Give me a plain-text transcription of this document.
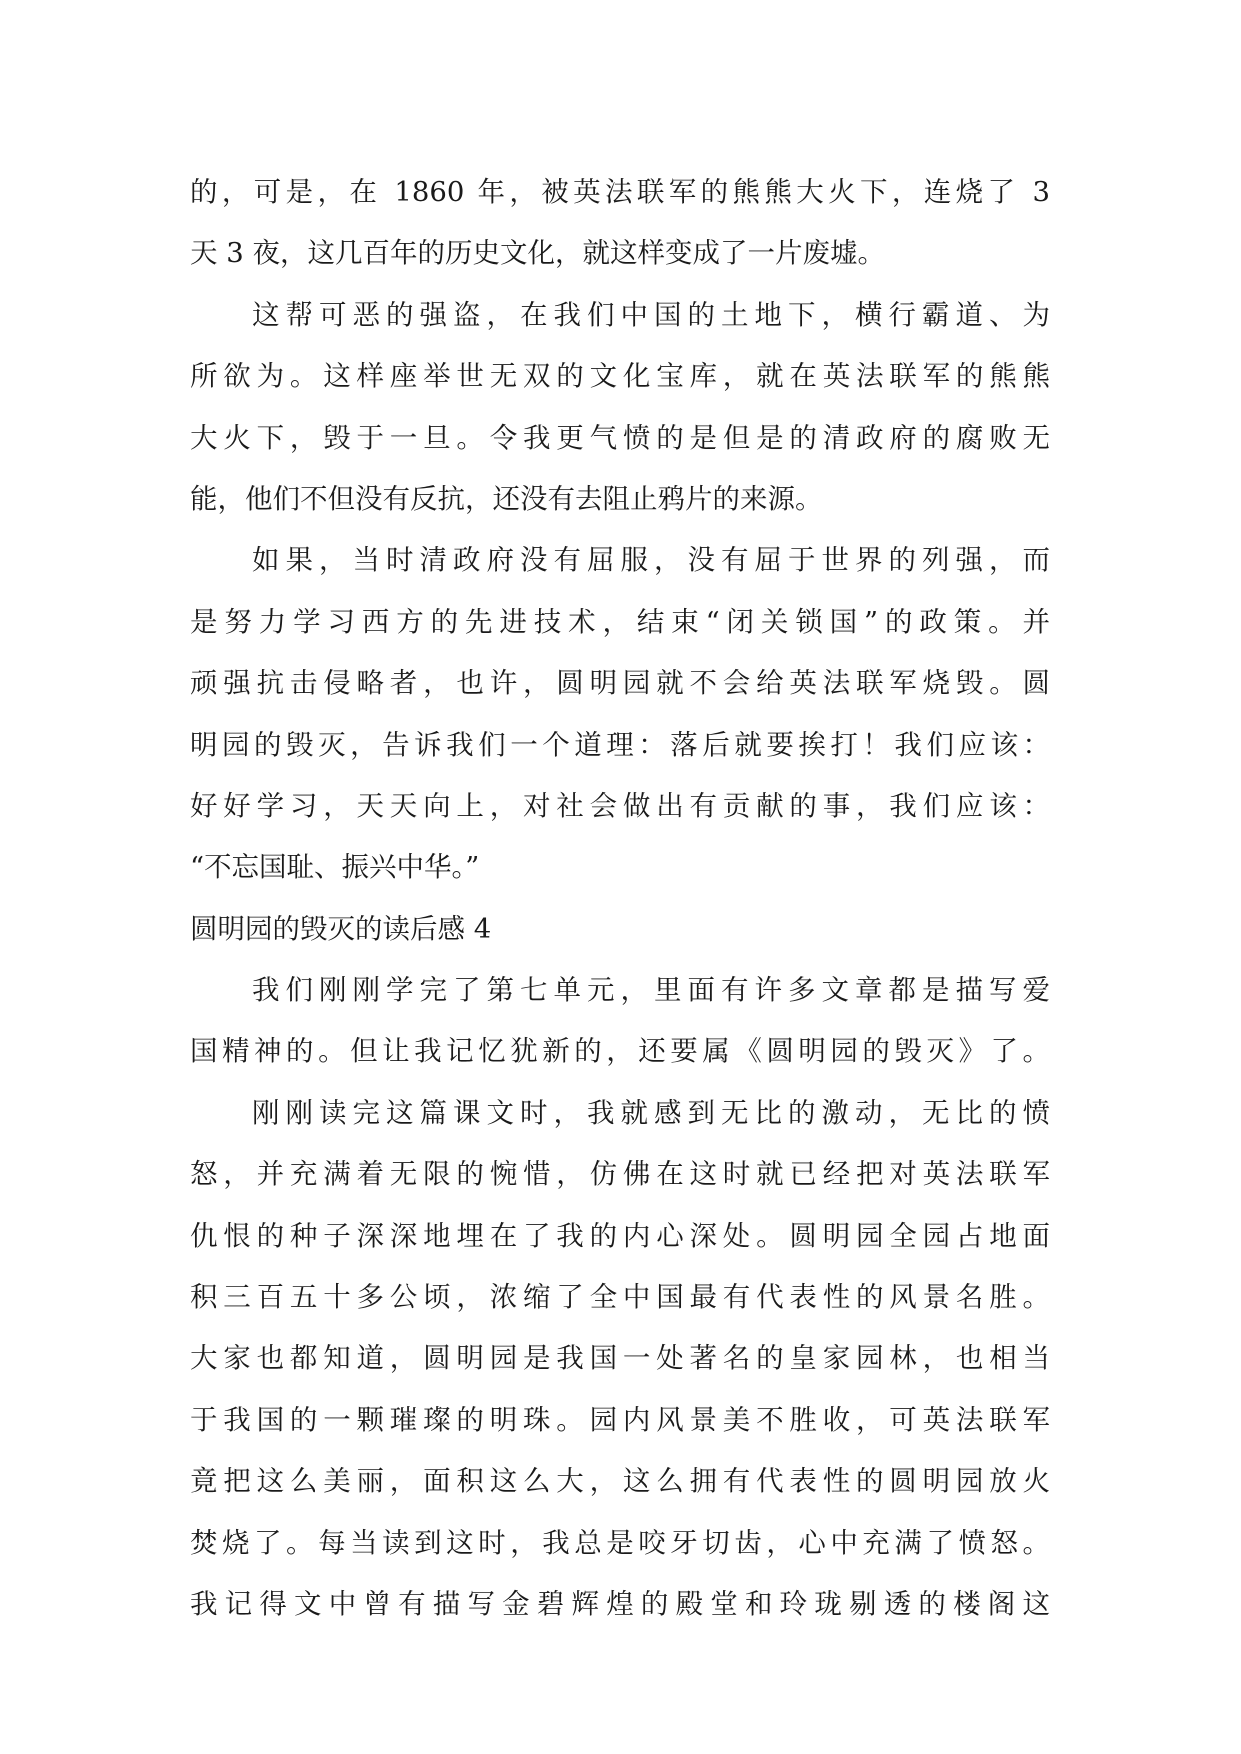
的，可是，在 1860 年，被英法联军的熊熊大火下，连烧了 3
天 3 夜，这几百年的历史文化，就这样变成了一片废墟。
这帮可恶的强盗，在我们中国的土地下，横行霸道、为
所欲为。这样座举世无双的文化宝库，就在英法联军的熊熊
大火下，毁于一旦。令我更气愤的是但是的清政府的腐败无
能，他们不但没有反抗，还没有去阻止鸦片的来源。
如果，当时清政府没有屈服，没有屈于世界的列强，而
是努力学习西方的先进技术，结束“闭关锁国”的政策。并
顽强抗击侵略者，也许，圆明园就不会给英法联军烧毁。圆
明园的毁灭，告诉我们一个道理：落后就要挨打！我们应该：
好好学习，天天向上，对社会做出有贡献的事，我们应该：
“不忘国耻、振兴中华。”
圆明园的毁灭的读后感 4
我们刚刚学完了第七单元，里面有许多文章都是描写爱
国精神的。但让我记忆犹新的，还要属《圆明园的毁灭》了。
刚刚读完这篇课文时，我就感到无比的激动，无比的愤
怒，并充满着无限的惋惜，仿佛在这时就已经把对英法联军
仇恨的种子深深地埋在了我的内心深处。圆明园全园占地面
积三百五十多公顷，浓缩了全中国最有代表性的风景名胜。
大家也都知道，圆明园是我国一处著名的皇家园林，也相当
于我国的一颗璀璨的明珠。园内风景美不胜收，可英法联军
竟把这么美丽，面积这么大，这么拥有代表性的圆明园放火
焚烧了。每当读到这时，我总是咬牙切齿，心中充满了愤怒。
我记得文中曾有描写金碧辉煌的殿堂和玲珑剔透的楼阁这
